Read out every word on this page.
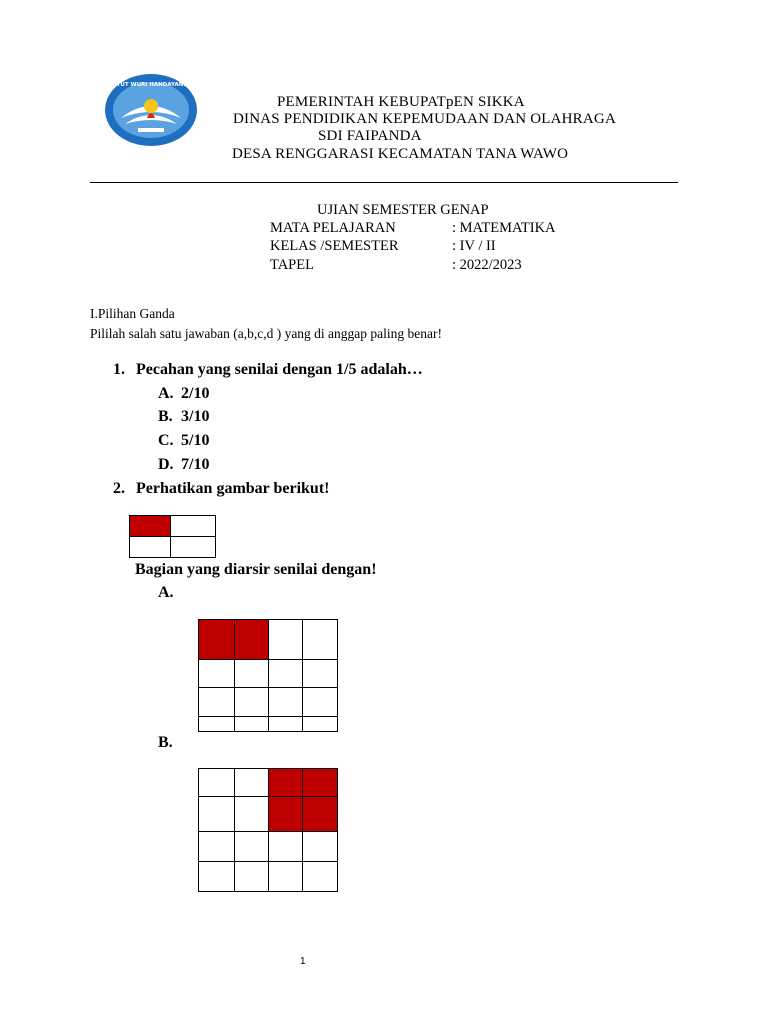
TUT WURI HANDAYANI
PEMERINTAH KEBUPATpEN SIKKA
DINAS PENDIDIKAN KEPEMUDAAN DAN OLAHRAGA
SDI FAIPANDA
DESA RENGGARASI KECAMATAN TANA WAWO
UJIAN SEMESTER GENAP
MATA PELAJARAN	: MATEMATIKA
KELAS /SEMESTER	: IV / II
TAPEL	: 2022/2023
I.Pilihan Ganda
Pililah salah satu jawaban (a,b,c,d ) yang di anggap paling benar!
1. Pecahan yang senilai dengan 1/5 adalah…
A. 2/10
B. 3/10
C. 5/10
D. 7/10
2. Perhatikan gambar berikut!

Bagian yang diarsir senilai dengan!
A.

B.

1
